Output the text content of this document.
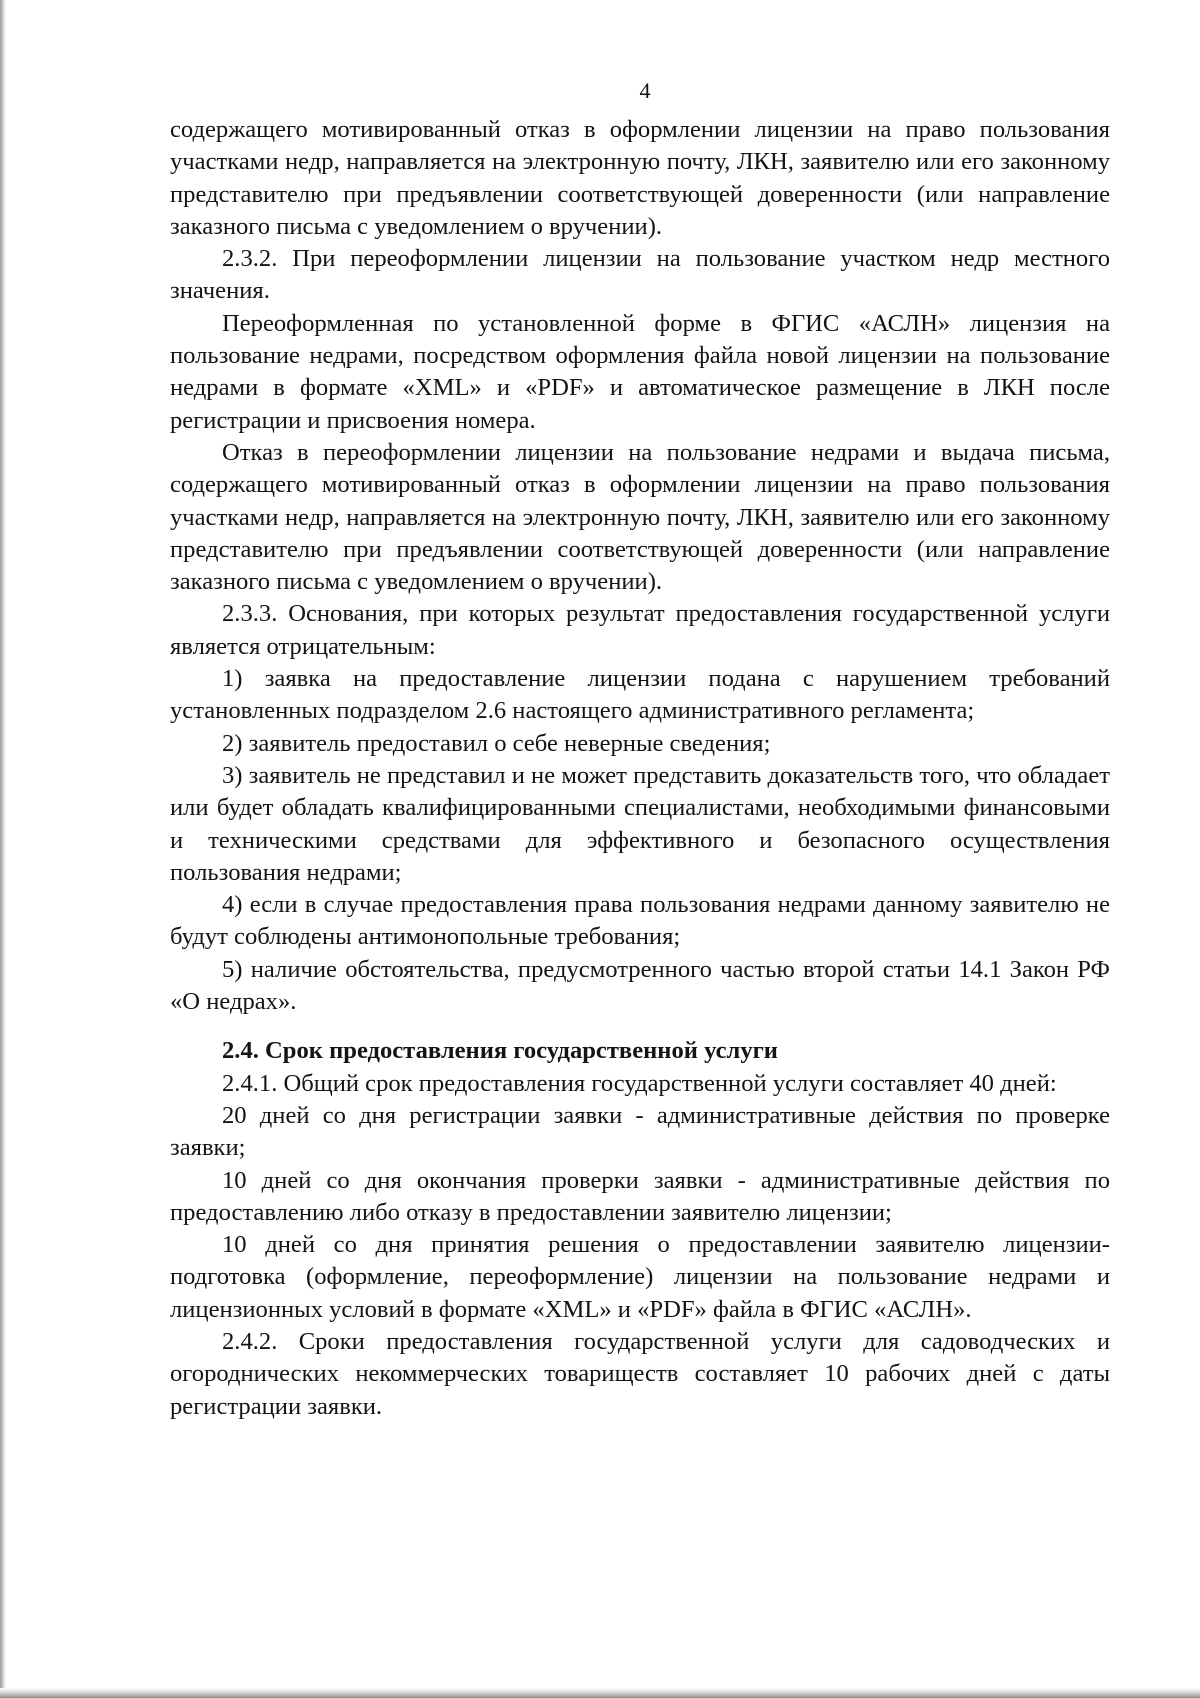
4

содержащего мотивированный отказ в оформлении лицензии на право пользования участками недр, направляется на электронную почту, ЛКН, заявителю или его законному представителю при предъявлении соответствующей доверенности (или направление заказного письма с уведомлением о вручении).

2.3.2. При переоформлении лицензии на пользование участком недр местного значения.

Переоформленная по установленной форме в ФГИС «АСЛН» лицензия на пользование недрами, посредством оформления файла новой лицензии на пользование недрами в формате «XML» и «PDF» и автоматическое размещение в ЛКН после регистрации и присвоения номера.

Отказ в переоформлении лицензии на пользование недрами и выдача письма, содержащего мотивированный отказ в оформлении лицензии на право пользования участками недр, направляется на электронную почту, ЛКН, заявителю или его законному представителю при предъявлении соответствующей доверенности (или направление заказного письма с уведомлением о вручении).

2.3.3. Основания, при которых результат предоставления государственной услуги является отрицательным:

1) заявка на предоставление лицензии подана с нарушением требований установленных подразделом 2.6 настоящего административного регламента;

2) заявитель предоставил о себе неверные сведения;

3) заявитель не представил и не может представить доказательств того, что обладает или будет обладать квалифицированными специалистами, необходимыми финансовыми и техническими средствами для эффективного и безопасного осуществления пользования недрами;

4) если в случае предоставления права пользования недрами данному заявителю не будут соблюдены антимонопольные требования;

5) наличие обстоятельства, предусмотренного частью второй статьи 14.1 Закон РФ «О недрах».

2.4. Срок предоставления государственной услуги

2.4.1. Общий срок предоставления государственной услуги составляет 40 дней:

20 дней со дня регистрации заявки - административные действия по проверке заявки;

10 дней со дня окончания проверки заявки - административные действия по предоставлению либо отказу в предоставлении заявителю лицензии;

10 дней со дня принятия решения о предоставлении заявителю лицензии-подготовка (оформление, переоформление) лицензии на пользование недрами и лицензионных условий в формате «XML» и «PDF» файла в ФГИС «АСЛН».

2.4.2. Сроки предоставления государственной услуги для садоводческих и огороднических некоммерческих товариществ составляет 10 рабочих дней с даты регистрации заявки.
